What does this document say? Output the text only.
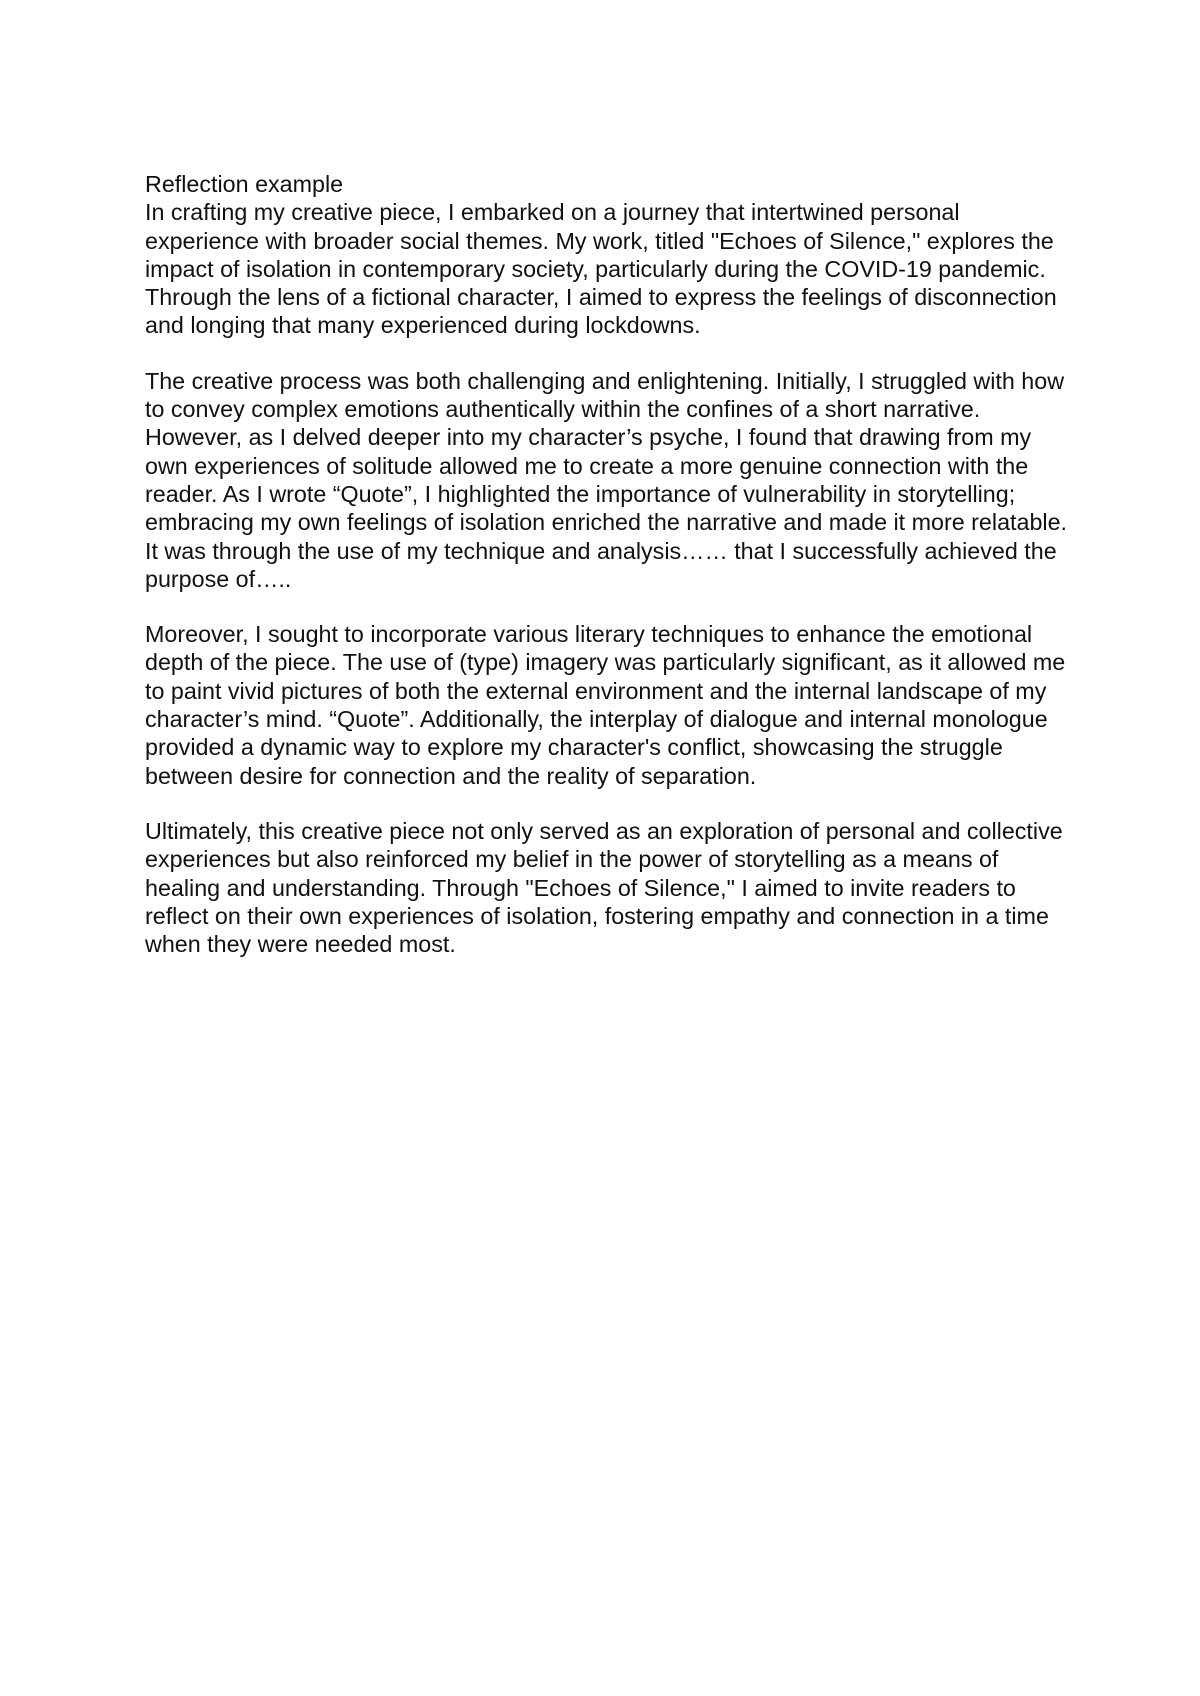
Reflection example

In crafting my creative piece, I embarked on a journey that intertwined personal experience with broader social themes. My work, titled "Echoes of Silence," explores the impact of isolation in contemporary society, particularly during the COVID-19 pandemic. Through the lens of a fictional character, I aimed to express the feelings of disconnection and longing that many experienced during lockdowns.

The creative process was both challenging and enlightening. Initially, I struggled with how to convey complex emotions authentically within the confines of a short narrative. However, as I delved deeper into my character’s psyche, I found that drawing from my own experiences of solitude allowed me to create a more genuine connection with the reader. As I wrote “Quote”, I highlighted the importance of vulnerability in storytelling; embracing my own feelings of isolation enriched the narrative and made it more relatable. It was through the use of my technique and analysis…… that I successfully achieved the purpose of…..

Moreover, I sought to incorporate various literary techniques to enhance the emotional depth of the piece. The use of (type) imagery was particularly significant, as it allowed me to paint vivid pictures of both the external environment and the internal landscape of my character’s mind. “Quote”. Additionally, the interplay of dialogue and internal monologue provided a dynamic way to explore my character's conflict, showcasing the struggle between desire for connection and the reality of separation.

Ultimately, this creative piece not only served as an exploration of personal and collective experiences but also reinforced my belief in the power of storytelling as a means of healing and understanding. Through "Echoes of Silence," I aimed to invite readers to reflect on their own experiences of isolation, fostering empathy and connection in a time when they were needed most.
